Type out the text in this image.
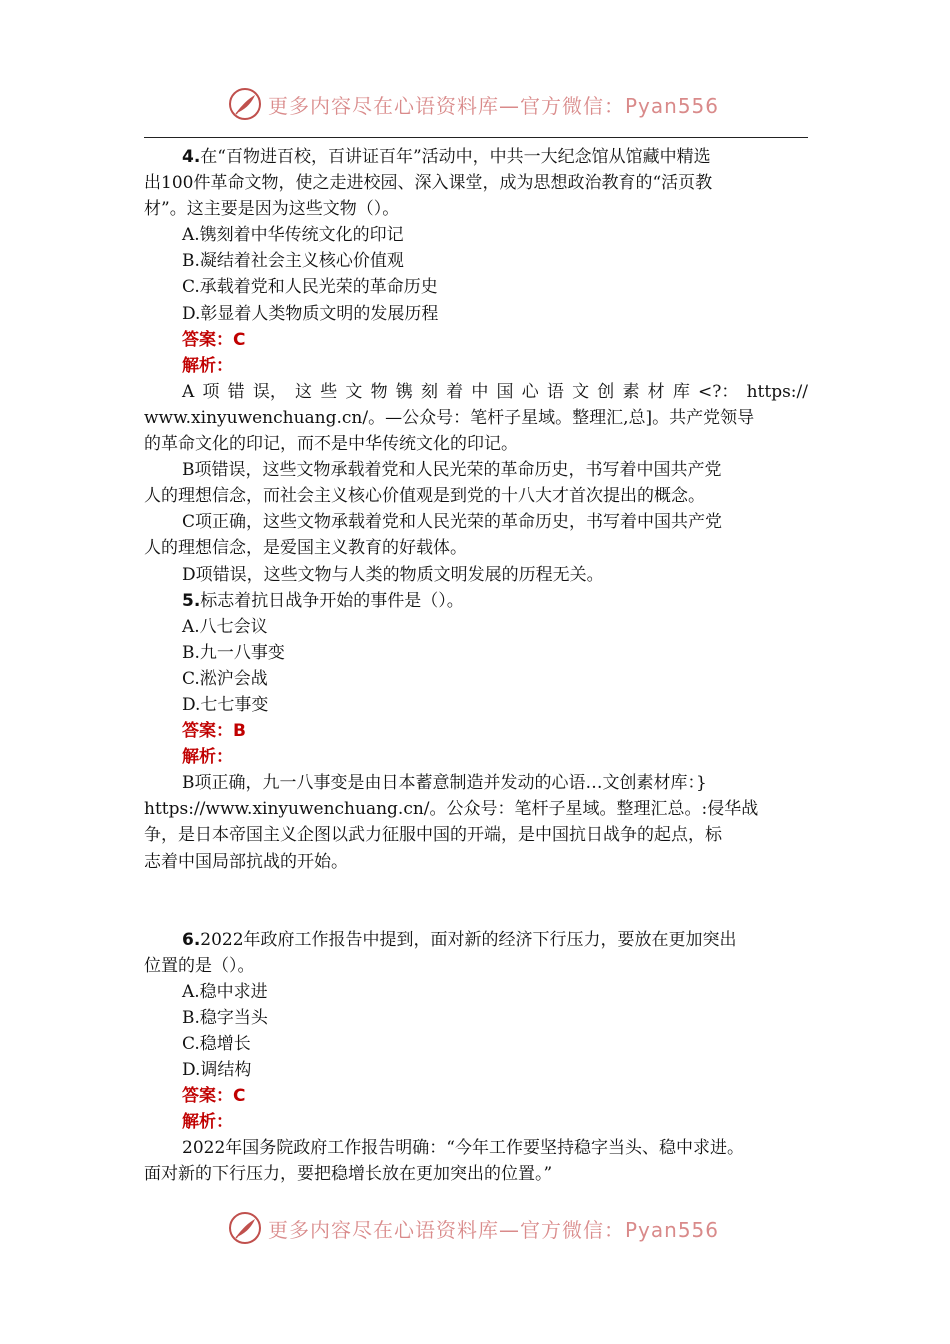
更多内容尽在心语资料库—官方微信：Pyan556
4.在“百物进百校，百讲证百年”活动中，中共一大纪念馆从馆藏中精选
出100件革命文物，使之走进校园、深入课堂，成为思想政治教育的“活页教
材”。这主要是因为这些文物（）。
A.镌刻着中华传统文化的印记
B.凝结着社会主义核心价值观
C.承载着党和人民光荣的革命历史
D.彰显着人类物质文明的发展历程
答案：C
解析：
A 项 错 误， 这 些 文 物 镌 刻 着 中 国 心 语 文 创 素 材 库 <?： https://
www.xinyuwenchuang.cn/。—公众号：笔杆子星域。整理汇,总]。共产党领导
的革命文化的印记，而不是中华传统文化的印记。
B项错误，这些文物承载着党和人民光荣的革命历史，书写着中国共产党
人的理想信念，而社会主义核心价值观是到党的十八大才首次提出的概念。
C项正确，这些文物承载着党和人民光荣的革命历史，书写着中国共产党
人的理想信念，是爱国主义教育的好载体。
D项错误，这些文物与人类的物质文明发展的历程无关。
5.标志着抗日战争开始的事件是（）。
A.八七会议
B.九一八事变
C.淞沪会战
D.七七事变
答案：B
解析：
B项正确，九一八事变是由日本蓄意制造并发动的心语…文创素材库：}
https://www.xinyuwenchuang.cn/。公众号：笔杆子星域。整理汇总。:侵华战
争，是日本帝国主义企图以武力征服中国的开端，是中国抗日战争的起点，标
志着中国局部抗战的开始。
6.2022年政府工作报告中提到，面对新的经济下行压力，要放在更加突出
位置的是（）。
A.稳中求进
B.稳字当头
C.稳增长
D.调结构
答案：C
解析：
2022年国务院政府工作报告明确：“今年工作要坚持稳字当头、稳中求进。
面对新的下行压力，要把稳增长放在更加突出的位置。”
更多内容尽在心语资料库—官方微信：Pyan556
